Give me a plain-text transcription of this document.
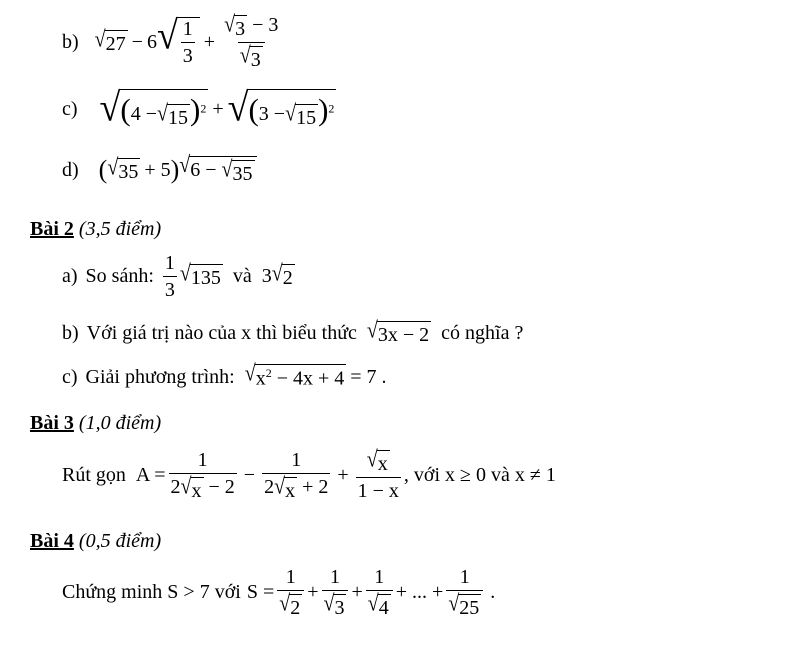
b) √ 27 − 6 √ $\frac{1}{3} + \frac{√ 3 - 3}{√ 3}$
c) √ (4 − √ 15 )$^2$ + √ (3 − √ 15 )$^2$
d) ( √ 35 + 5 ) √ 6 − √ 35
Bài 2
(3,5 điểm)
a) So sánh: $\frac{1}{3}$ √ 135 và 3 √ 2
b) Với giá trị nào của x thì biểu thức √ 3x − 2 có nghĩa ?
c) Giải phương trình: √ $x^2 - 4x + 4 = 7$ .
Bài 3
(1,0 điểm)
Rút gọn $A = \frac{1}{2 √ x - 2} - \frac{1}{2 √ x + 2} + \frac{√ x}{1 - x}$ , với x ≥ 0 và x ≠ 1
Bài 4
(0,5 điểm)
Chứng minh S > 7 với $S = \frac{1}{√ 2} + \frac{1}{√ 3} + \frac{1}{√ 4}$ + ... + $\frac{1}{√ 25}$ .
